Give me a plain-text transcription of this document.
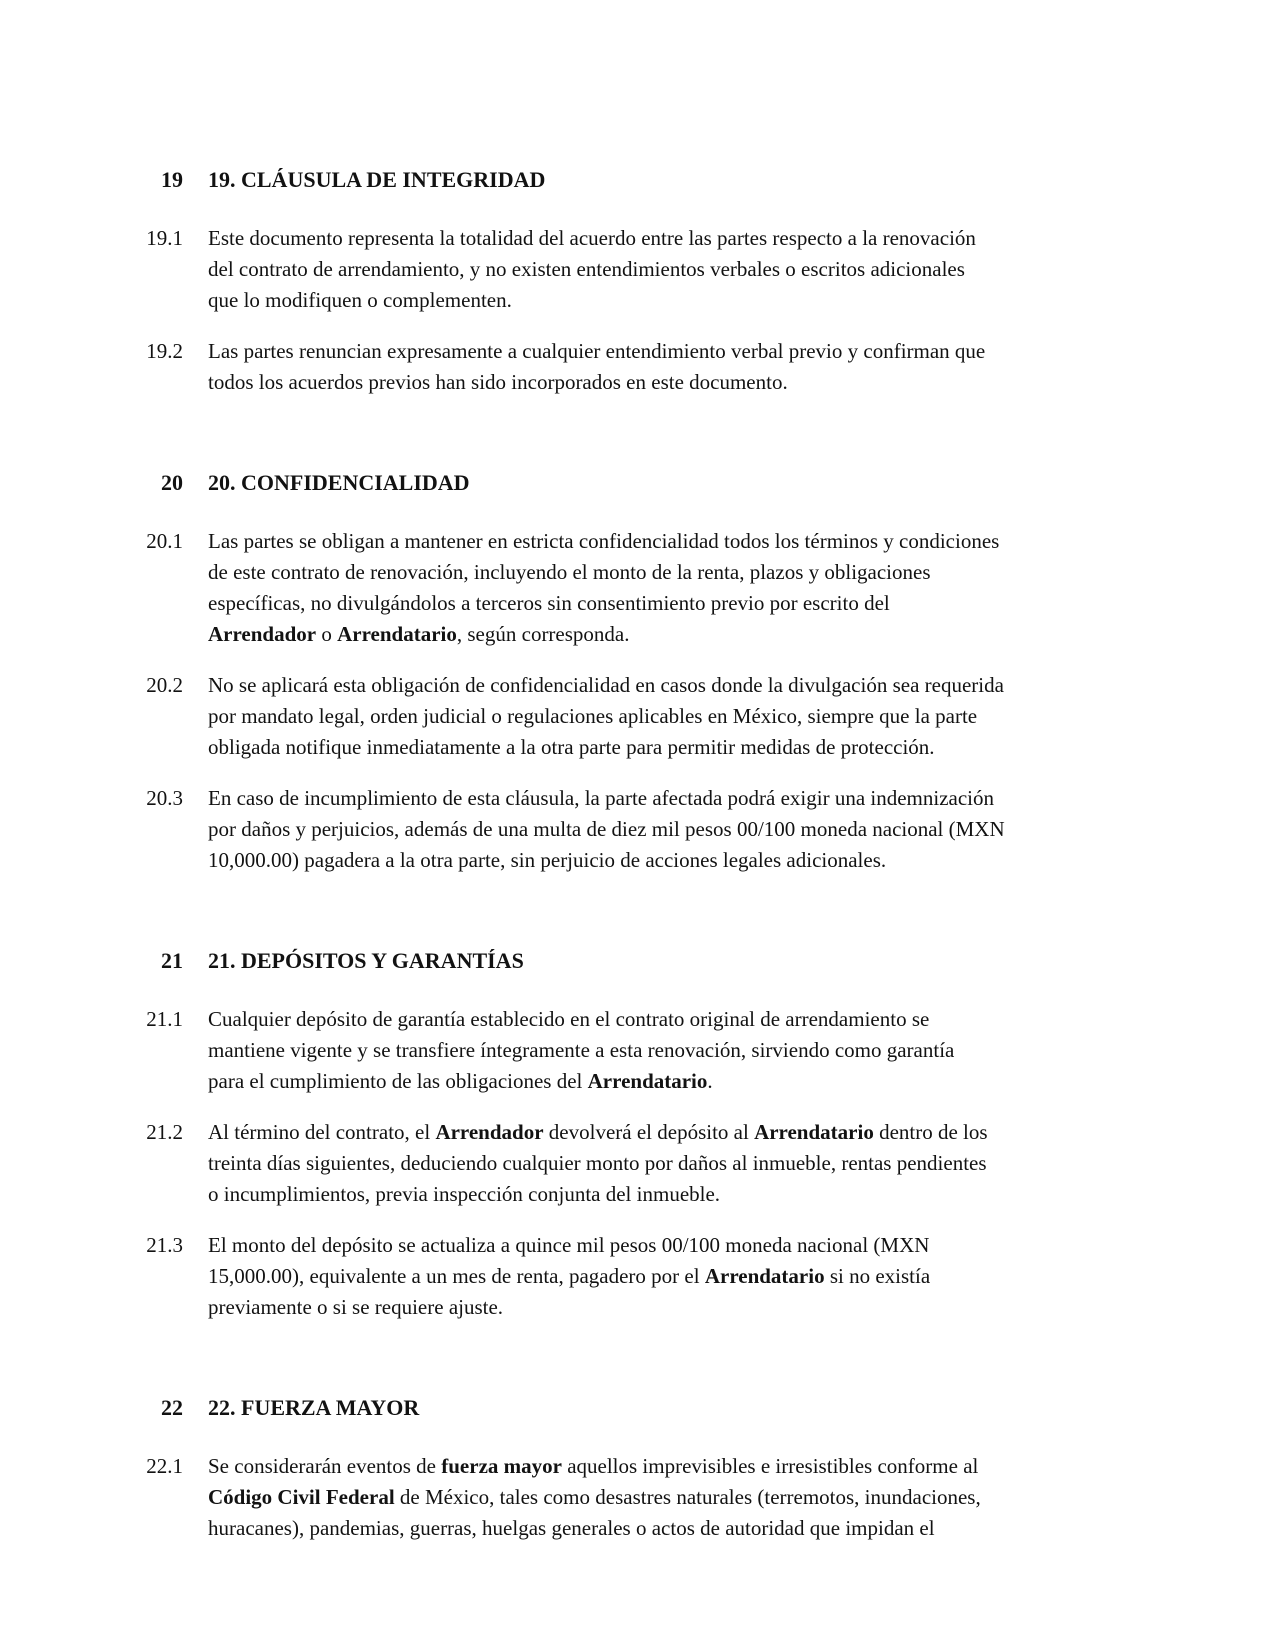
19 19. CLÁUSULA DE INTEGRIDAD
19.1 Este documento representa la totalidad del acuerdo entre las partes respecto a la renovación
del contrato de arrendamiento, y no existen entendimientos verbales o escritos adicionales
que lo modifiquen o complementen.
19.2 Las partes renuncian expresamente a cualquier entendimiento verbal previo y confirman que
todos los acuerdos previos han sido incorporados en este documento.
20 20. CONFIDENCIALIDAD
20.1 Las partes se obligan a mantener en estricta confidencialidad todos los términos y condiciones
de este contrato de renovación, incluyendo el monto de la renta, plazos y obligaciones
específicas, no divulgándolos a terceros sin consentimiento previo por escrito del
Arrendador o Arrendatario, según corresponda.
20.2 No se aplicará esta obligación de confidencialidad en casos donde la divulgación sea requerida
por mandato legal, orden judicial o regulaciones aplicables en México, siempre que la parte
obligada notifique inmediatamente a la otra parte para permitir medidas de protección.
20.3 En caso de incumplimiento de esta cláusula, la parte afectada podrá exigir una indemnización
por daños y perjuicios, además de una multa de diez mil pesos 00/100 moneda nacional (MXN
10,000.00) pagadera a la otra parte, sin perjuicio de acciones legales adicionales.
21 21. DEPÓSITOS Y GARANTÍAS
21.1 Cualquier depósito de garantía establecido en el contrato original de arrendamiento se
mantiene vigente y se transfiere íntegramente a esta renovación, sirviendo como garantía
para el cumplimiento de las obligaciones del Arrendatario.
21.2 Al término del contrato, el Arrendador devolverá el depósito al Arrendatario dentro de los
treinta días siguientes, deduciendo cualquier monto por daños al inmueble, rentas pendientes
o incumplimientos, previa inspección conjunta del inmueble.
21.3 El monto del depósito se actualiza a quince mil pesos 00/100 moneda nacional (MXN
15,000.00), equivalente a un mes de renta, pagadero por el Arrendatario si no existía
previamente o si se requiere ajuste.
22 22. FUERZA MAYOR
22.1 Se considerarán eventos de fuerza mayor aquellos imprevisibles e irresistibles conforme al
Código Civil Federal de México, tales como desastres naturales (terremotos, inundaciones,
huracanes), pandemias, guerras, huelgas generales o actos de autoridad que impidan el
